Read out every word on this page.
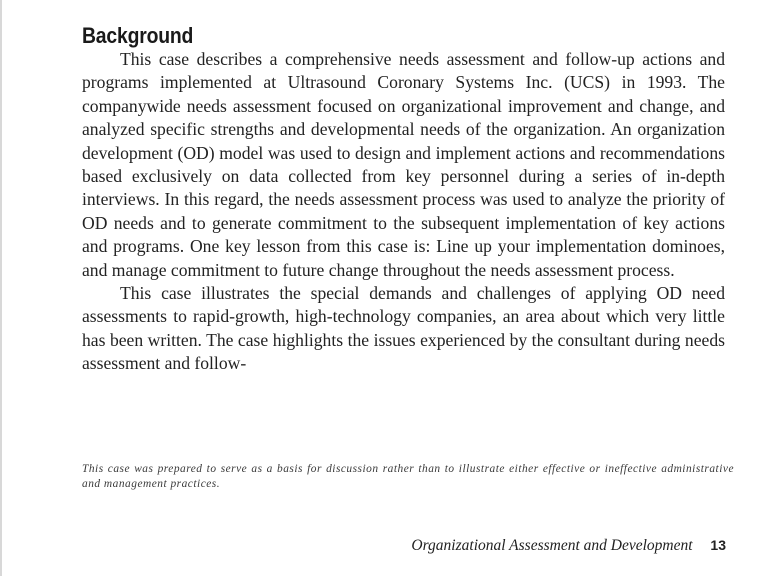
Background

This case describes a comprehensive needs assessment and follow-up actions and programs implemented at Ultrasound Coronary Systems Inc. (UCS) in 1993. The companywide needs assessment focused on organizational improvement and change, and analyzed specific strengths and developmental needs of the organization. An organization development (OD) model was used to design and implement actions and recommendations based exclusively on data collected from key personnel during a series of in-depth interviews. In this regard, the needs assessment process was used to analyze the priority of OD needs and to generate commitment to the subsequent implementation of key actions and programs. One key lesson from this case is: Line up your implementation dominoes, and manage commitment to future change throughout the needs assessment process.

This case illustrates the special demands and challenges of applying OD need assessments to rapid-growth, high-technology companies, an area about which very little has been written. The case highlights the issues experienced by the consultant during needs assessment and follow-

This case was prepared to serve as a basis for discussion rather than to illustrate either effective or ineffective administrative and management practices.
Organizational Assessment and Development 13
